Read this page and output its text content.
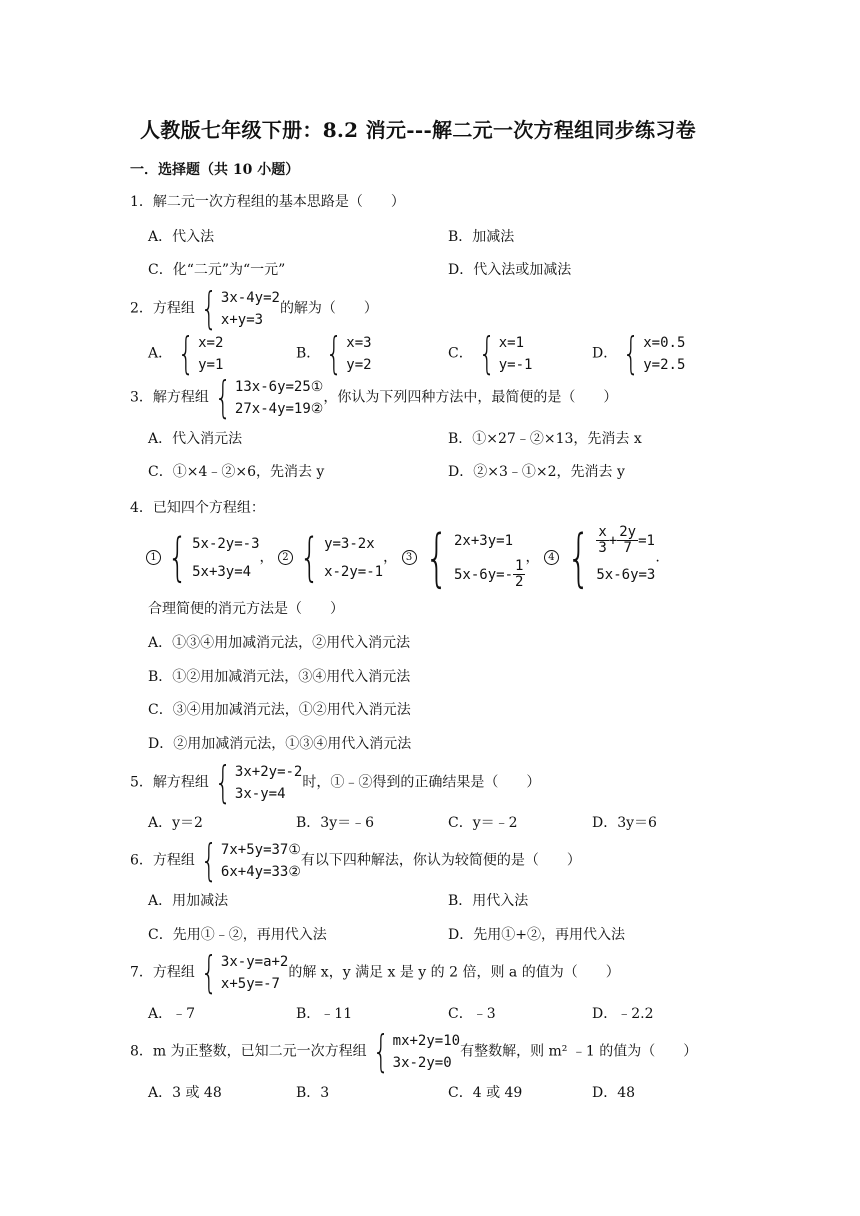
人教版七年级下册：8.2 消元---解二元一次方程组同步练习卷
一．选择题（共 10 小题）
1．解二元一次方程组的基本思路是（　　）
A．代入法	B．加减法
C．化“二元”为“一元”	D．代入法或加减法
2．方程组 { 3x-4y=2
x+y=3
的解为（　　）
A． { x=2
y=1
B． { x=3
y=2
C． { x=1
y=-1
D． { x=0.5
y=2.5
3．解方程组 { 13x-6y=25①
27x-4y=19②
，你认为下列四种方法中，最简便的是（　　）
A．代入消元法	B．①×27﹣②×13，先消去 x
C．①×4﹣②×6，先消去 y	D．②×3﹣①×2，先消去 y
4．已知四个方程组：
1 { 5x-2y=-3
5x+3y=4
， 2 { y=3-2x
x-2y=-1
， 3 { 2x+3y=1
$5x-6y=- \frac{1}{2}$
， 4 { $\frac{x}{3} + \frac{2y}{7} =1$
5x-6y=3
.
合理简便的消元方法是（　　）
A．①③④用加减消元法，②用代入消元法
B．①②用加减消元法，③④用代入消元法
C．③④用加减消元法，①②用代入消元法
D．②用加减消元法，①③④用代入消元法
5．解方程组 { 3x+2y=-2
3x-y=4
时，①﹣②得到的正确结果是（　　）
A．y＝2	B．3y＝﹣6	C．y＝﹣2	D．3y＝6
6．方程组 { 7x+5y=37①
6x+4y=33②
有以下四种解法，你认为较简便的是（　　）
A．用加减法	B．用代入法
C．先用①﹣②，再用代入法	D．先用①+②，再用代入法
7．方程组 { 3x-y=a+2
x+5y=-7
的解 x，y 满足 x 是 y 的 2 倍，则 a 的值为（　　）
A．﹣7	B．﹣11	C．﹣3	D．﹣2.2
8．m 为正整数，已知二元一次方程组 { mx+2y=10
3x-2y=0
有整数解，则 m² ﹣1 的值为（　　）
A．3 或 48	B．3	C．4 或 49	D．48
